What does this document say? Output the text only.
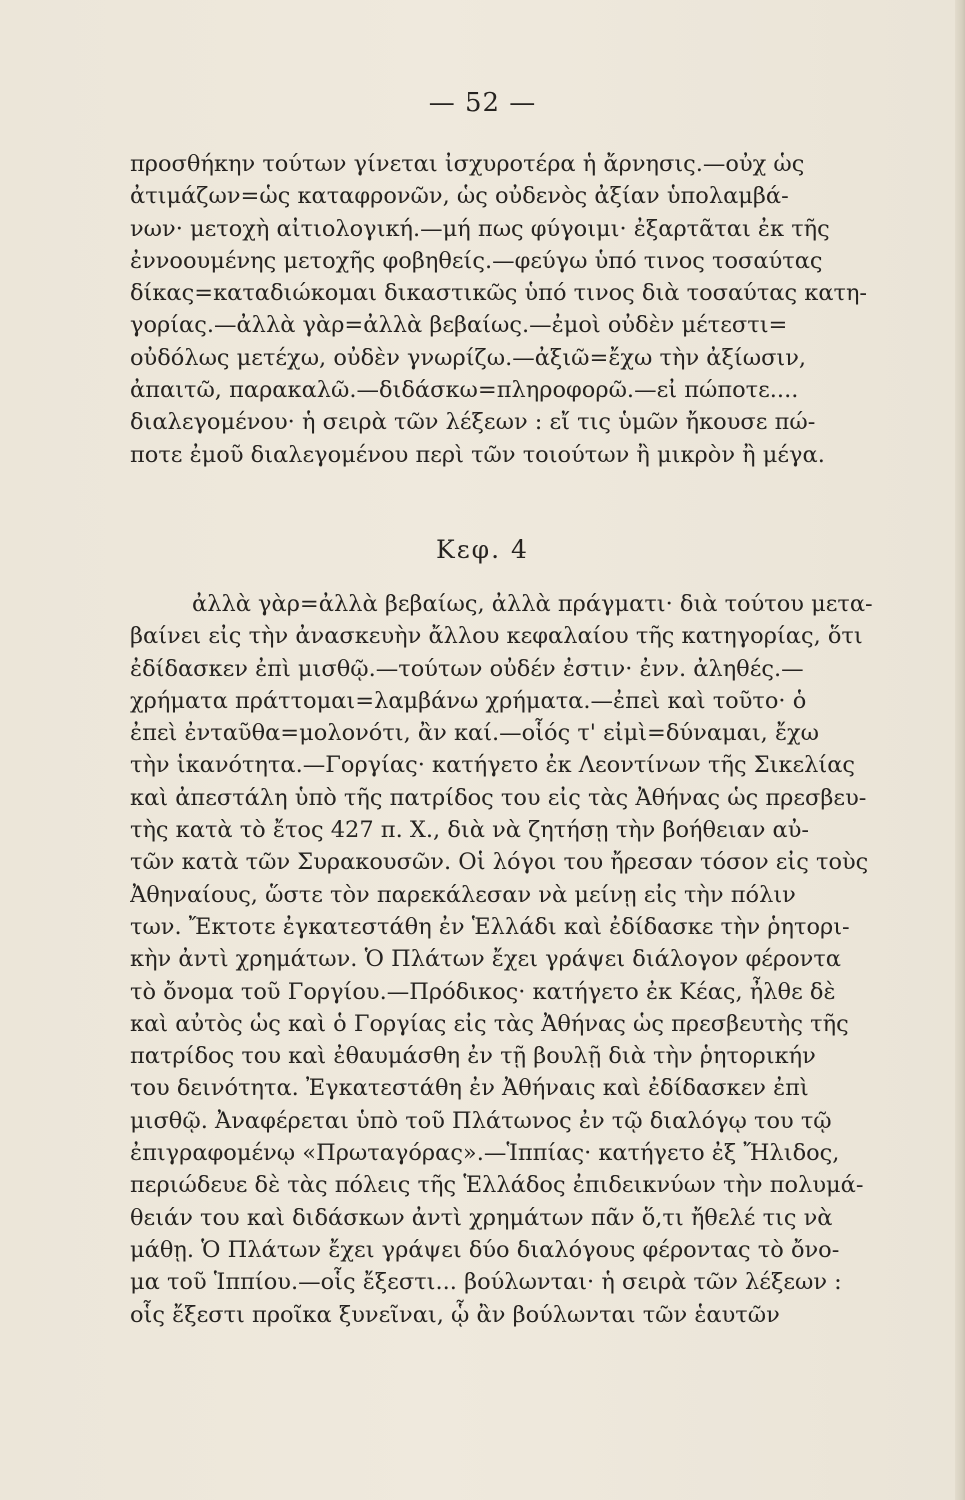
— 52 —
προσθήκην τούτων γίνεται ἰσχυροτέρα ἡ ἄρνησις.—οὐχ ὡς
ἀτιμάζων=ὡς καταφρονῶν, ὡς οὐδενὸς ἀξίαν ὑπολαμβά-
νων· μετοχὴ αἰτιολογική.—μή πως φύγοιμι· ἐξαρτᾶται ἐκ τῆς
ἐννοουμένης μετοχῆς φοβηθείς.—φεύγω ὑπό τινος τοσαύτας
δίκας=καταδιώκομαι δικαστικῶς ὑπό τινος διὰ τοσαύτας κατη-
γορίας.—ἀλλὰ γὰρ=ἀλλὰ βεβαίως.—ἐμοὶ οὐδὲν μέτεστι=
οὐδόλως μετέχω, οὐδὲν γνωρίζω.—ἀξιῶ=ἔχω τὴν ἀξίωσιν,
ἀπαιτῶ, παρακαλῶ.—διδάσκω=πληροφορῶ.—εἰ πώποτε....
διαλεγομένου· ἡ σειρὰ τῶν λέξεων : εἴ τις ὑμῶν ἤκουσε πώ-
ποτε ἐμοῦ διαλεγομένου περὶ τῶν τοιούτων ἢ μικρὸν ἢ μέγα.
Κεφ. 4
ἀλλὰ γὰρ=ἀλλὰ βεβαίως, ἀλλὰ πράγματι· διὰ τούτου μετα-
βαίνει εἰς τὴν ἀνασκευὴν ἄλλου κεφαλαίου τῆς κατηγορίας, ὅτι
ἐδίδασκεν ἐπὶ μισθῷ.—τούτων οὐδέν ἐστιν· ἐνν. ἀληθές.—
χρήματα πράττομαι=λαμβάνω χρήματα.—ἐπεὶ καὶ τοῦτο· ὁ
ἐπεὶ ἐνταῦθα=μολονότι, ἂν καί.—οἷός τ' εἰμὶ=δύναμαι, ἔχω
τὴν ἱκανότητα.—Γοργίας· κατήγετο ἐκ Λεοντίνων τῆς Σικελίας
καὶ ἀπεστάλη ὑπὸ τῆς πατρίδος του εἰς τὰς Ἀθήνας ὡς πρεσβευ-
τὴς κατὰ τὸ ἔτος 427 π. Χ., διὰ νὰ ζητήσῃ τὴν βοήθειαν αὐ-
τῶν κατὰ τῶν Συρακουσῶν. Οἱ λόγοι του ἤρεσαν τόσον εἰς τοὺς
Ἀθηναίους, ὥστε τὸν παρεκάλεσαν νὰ μείνῃ εἰς τὴν πόλιν
των. Ἔκτοτε ἐγκατεστάθη ἐν Ἑλλάδι καὶ ἐδίδασκε τὴν ῥητορι-
κὴν ἀντὶ χρημάτων. Ὁ Πλάτων ἔχει γράψει διάλογον φέροντα
τὸ ὄνομα τοῦ Γοργίου.—Πρόδικος· κατήγετο ἐκ Κέας, ἦλθε δὲ
καὶ αὐτὸς ὡς καὶ ὁ Γοργίας εἰς τὰς Ἀθήνας ὡς πρεσβευτὴς τῆς
πατρίδος του καὶ ἐθαυμάσθη ἐν τῇ βουλῇ διὰ τὴν ῥητορικήν
του δεινότητα. Ἐγκατεστάθη ἐν Ἀθήναις καὶ ἐδίδασκεν ἐπὶ
μισθῷ. Ἀναφέρεται ὑπὸ τοῦ Πλάτωνος ἐν τῷ διαλόγῳ του τῷ
ἐπιγραφομένῳ «Πρωταγόρας».—Ἱππίας· κατήγετο ἐξ Ἤλιδος,
περιώδευε δὲ τὰς πόλεις τῆς Ἑλλάδος ἐπιδεικνύων τὴν πολυμά-
θειάν του καὶ διδάσκων ἀντὶ χρημάτων πᾶν ὅ,τι ἤθελέ τις νὰ
μάθῃ. Ὁ Πλάτων ἔχει γράψει δύο διαλόγους φέροντας τὸ ὄνο-
μα τοῦ Ἱππίου.—οἷς ἔξεστι... βούλωνται· ἡ σειρὰ τῶν λέξεων :
οἷς ἔξεστι προῖκα ξυνεῖναι, ᾧ ἂν βούλωνται τῶν ἑαυτῶν
